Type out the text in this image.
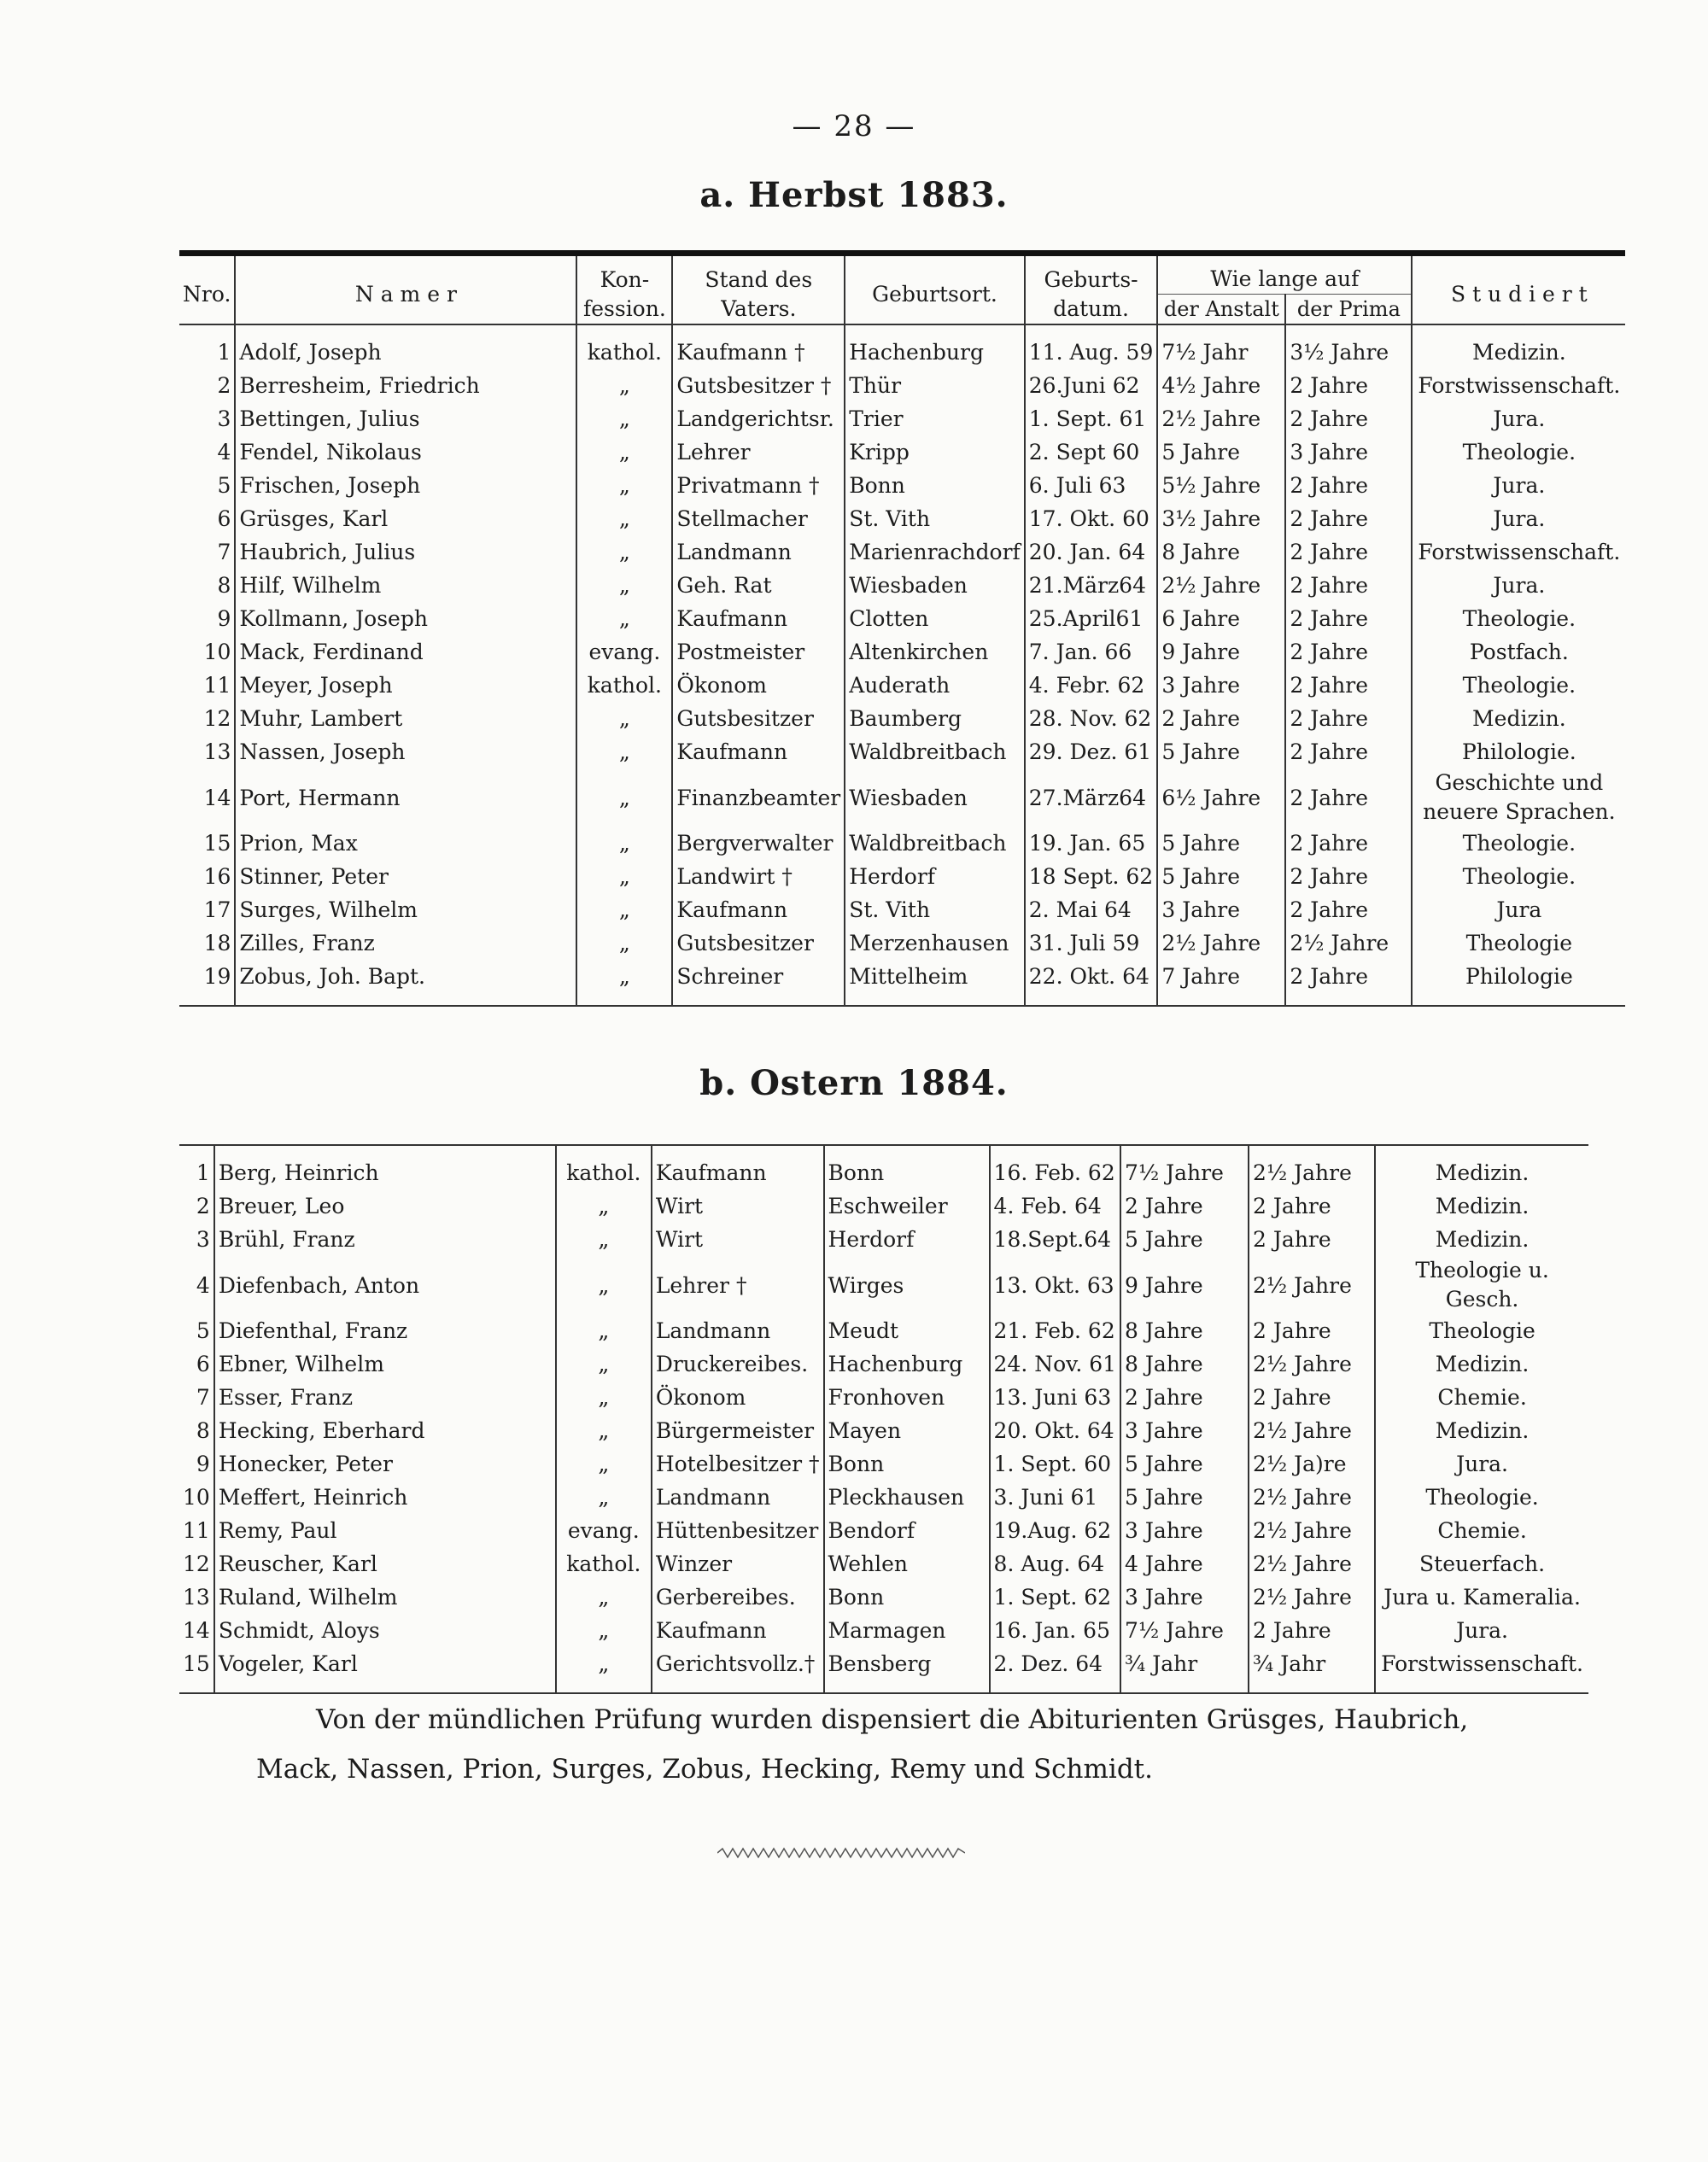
— 28 —
a. Herbst 1883.
Nro.	N a m e r	Kon-fession.	Stand des Vaters.	Geburtsort.	Geburts-datum.	Wie lange auf		S t u d i e r t
						der Anstalt	der Prima	
1	Adolf, Joseph	kathol.	Kaufmann †	Hachenburg	11. Aug. 59	7½ Jahr	3½ Jahre	Medizin.
2	Berresheim, Friedrich	„	Gutsbesitzer †	Thür	26.Juni 62	4½ Jahre	2 Jahre	Forstwissenschaft.
3	Bettingen, Julius	„	Landgerichtsr.	Trier	1. Sept. 61	2½ Jahre	2 Jahre	Jura.
4	Fendel, Nikolaus	„	Lehrer	Kripp	2. Sept 60	5 Jahre	3 Jahre	Theologie.
5	Frischen, Joseph	„	Privatmann †	Bonn	6. Juli 63	5½ Jahre	2 Jahre	Jura.
6	Grüsges, Karl	„	Stellmacher	St. Vith	17. Okt. 60	3½ Jahre	2 Jahre	Jura.
7	Haubrich, Julius	„	Landmann	Marienrachdorf	20. Jan. 64	8 Jahre	2 Jahre	Forstwissenschaft.
8	Hilf, Wilhelm	„	Geh. Rat	Wiesbaden	21.März64	2½ Jahre	2 Jahre	Jura.
9	Kollmann, Joseph	„	Kaufmann	Clotten	25.April61	6 Jahre	2 Jahre	Theologie.
10	Mack, Ferdinand	evang.	Postmeister	Altenkirchen	7. Jan. 66	9 Jahre	2 Jahre	Postfach.
11	Meyer, Joseph	kathol.	Ökonom	Auderath	4. Febr. 62	3 Jahre	2 Jahre	Theologie.
12	Muhr, Lambert	„	Gutsbesitzer	Baumberg	28. Nov. 62	2 Jahre	2 Jahre	Medizin.
13	Nassen, Joseph	„	Kaufmann	Waldbreitbach	29. Dez. 61	5 Jahre	2 Jahre	Philologie.
14	Port, Hermann	„	Finanzbeamter	Wiesbaden	27.März64	6½ Jahre	2 Jahre	Geschichte und neuere Sprachen.
15	Prion, Max	„	Bergverwalter	Waldbreitbach	19. Jan. 65	5 Jahre	2 Jahre	Theologie.
16	Stinner, Peter	„	Landwirt †	Herdorf	18 Sept. 62	5 Jahre	2 Jahre	Theologie.
17	Surges, Wilhelm	„	Kaufmann	St. Vith	2. Mai 64	3 Jahre	2 Jahre	Jura
18	Zilles, Franz	„	Gutsbesitzer	Merzenhausen	31. Juli 59	2½ Jahre	2½ Jahre	Theologie
19	Zobus, Joh. Bapt.	„	Schreiner	Mittelheim	22. Okt. 64	7 Jahre	2 Jahre	Philologie
b. Ostern 1884.
1	Berg, Heinrich	kathol.	Kaufmann	Bonn	16. Feb. 62	7½ Jahre	2½ Jahre	Medizin.
2	Breuer, Leo	„	Wirt	Eschweiler	4. Feb. 64	2 Jahre	2 Jahre	Medizin.
3	Brühl, Franz	„	Wirt	Herdorf	18.Sept.64	5 Jahre	2 Jahre	Medizin.
4	Diefenbach, Anton	„	Lehrer †	Wirges	13. Okt. 63	9 Jahre	2½ Jahre	Theologie u. Gesch.
5	Diefenthal, Franz	„	Landmann	Meudt	21. Feb. 62	8 Jahre	2 Jahre	Theologie
6	Ebner, Wilhelm	„	Druckereibes.	Hachenburg	24. Nov. 61	8 Jahre	2½ Jahre	Medizin.
7	Esser, Franz	„	Ökonom	Fronhoven	13. Juni 63	2 Jahre	2 Jahre	Chemie.
8	Hecking, Eberhard	„	Bürgermeister	Mayen	20. Okt. 64	3 Jahre	2½ Jahre	Medizin.
9	Honecker, Peter	„	Hotelbesitzer †	Bonn	1. Sept. 60	5 Jahre	2½ Ja)re	Jura.
10	Meffert, Heinrich	„	Landmann	Pleckhausen	3. Juni 61	5 Jahre	2½ Jahre	Theologie.
11	Remy, Paul	evang.	Hüttenbesitzer	Bendorf	19.Aug. 62	3 Jahre	2½ Jahre	Chemie.
12	Reuscher, Karl	kathol.	Winzer	Wehlen	8. Aug. 64	4 Jahre	2½ Jahre	Steuerfach.
13	Ruland, Wilhelm	„	Gerbereibes.	Bonn	1. Sept. 62	3 Jahre	2½ Jahre	Jura u. Kameralia.
14	Schmidt, Aloys	„	Kaufmann	Marmagen	16. Jan. 65	7½ Jahre	2 Jahre	Jura.
15	Vogeler, Karl	„	Gerichtsvollz.†	Bensberg	2. Dez. 64	¾ Jahr	¾ Jahr	Forstwissenschaft.
Von der mündlichen Prüfung wurden dispensiert die Abiturienten Grüsges, Haubrich, Mack, Nassen, Prion, Surges, Zobus, Hecking, Remy und Schmidt.
